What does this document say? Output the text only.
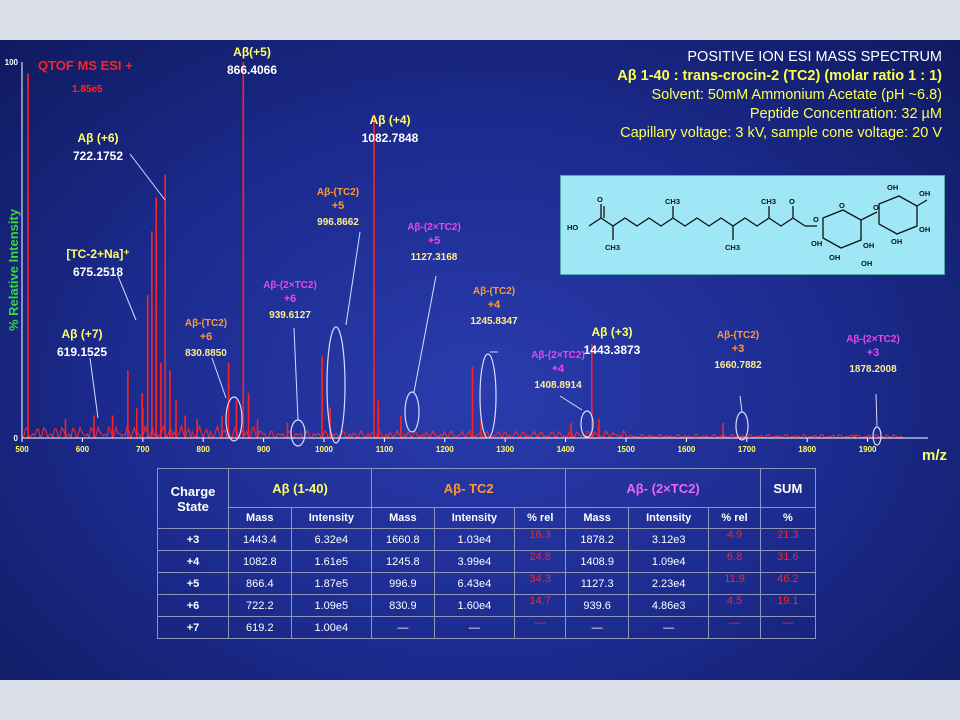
500	600	700	800	900	1000	1100	1200	1300	1400	1500	1600	1700	1800	1900
0
100
m/z
% Relative Intensity
QTOF MS ESI +
1.85e5
Aβ(+5)
866.4066
Aβ (+4)
1082.7848
Aβ (+6)
722.1752
[TC-2+Na]⁺
675.2518
Aβ (+7)
619.1525
Aβ (+3)
1443.3873
Aβ-(TC2)
+5
996.8662
Aβ-(TC2)
+6
830.8850
Aβ-(TC2)
+4
1245.8347
Aβ-(TC2)
+3
1660.7882
Aβ-(2×TC2)
+5
1127.3168
Aβ-(2×TC2)
+6
939.6127
Aβ-(2×TC2)
+4
1408.8914
Aβ-(2×TC2)
+3
1878.2008
POSITIVE ION ESI MASS SPECTRUM
Aβ 1-40 : trans-crocin-2 (TC2) (molar ratio 1 : 1)
Solvent: 50mM Ammonium Acetate (pH ~6.8)
Peptide Concentration: 32 µM
Capillary voltage: 3 kV, sample cone voltage: 20 V
HO
O
CH3
CH3
CH3
CH3 O
O
O	O
OH
OH	OH
OH
OH
OH
OH
OH
Charge State	Aβ (1-40)		Aβ- TC2			Aβ- (2×TC2)			SUM
	Mass	Intensity	Mass	Intensity	% rel	Mass	Intensity	% rel	%
+3	1443.4	6.32e4	1660.8	1.03e4	16.3	1878.2	3.12e3	4.9	21.3
+4	1082.8	1.61e5	1245.8	3.99e4	24.8	1408.9	1.09e4	6.8	31.6
+5	866.4	1.87e5	996.9	6.43e4	34.3	1127.3	2.23e4	11.9	46.2
+6	722.2	1.09e5	830.9	1.60e4	14.7	939.6	4.86e3	4.5	19.1
+7	619.2	1.00e4	—	—	—	—	—	—	—
